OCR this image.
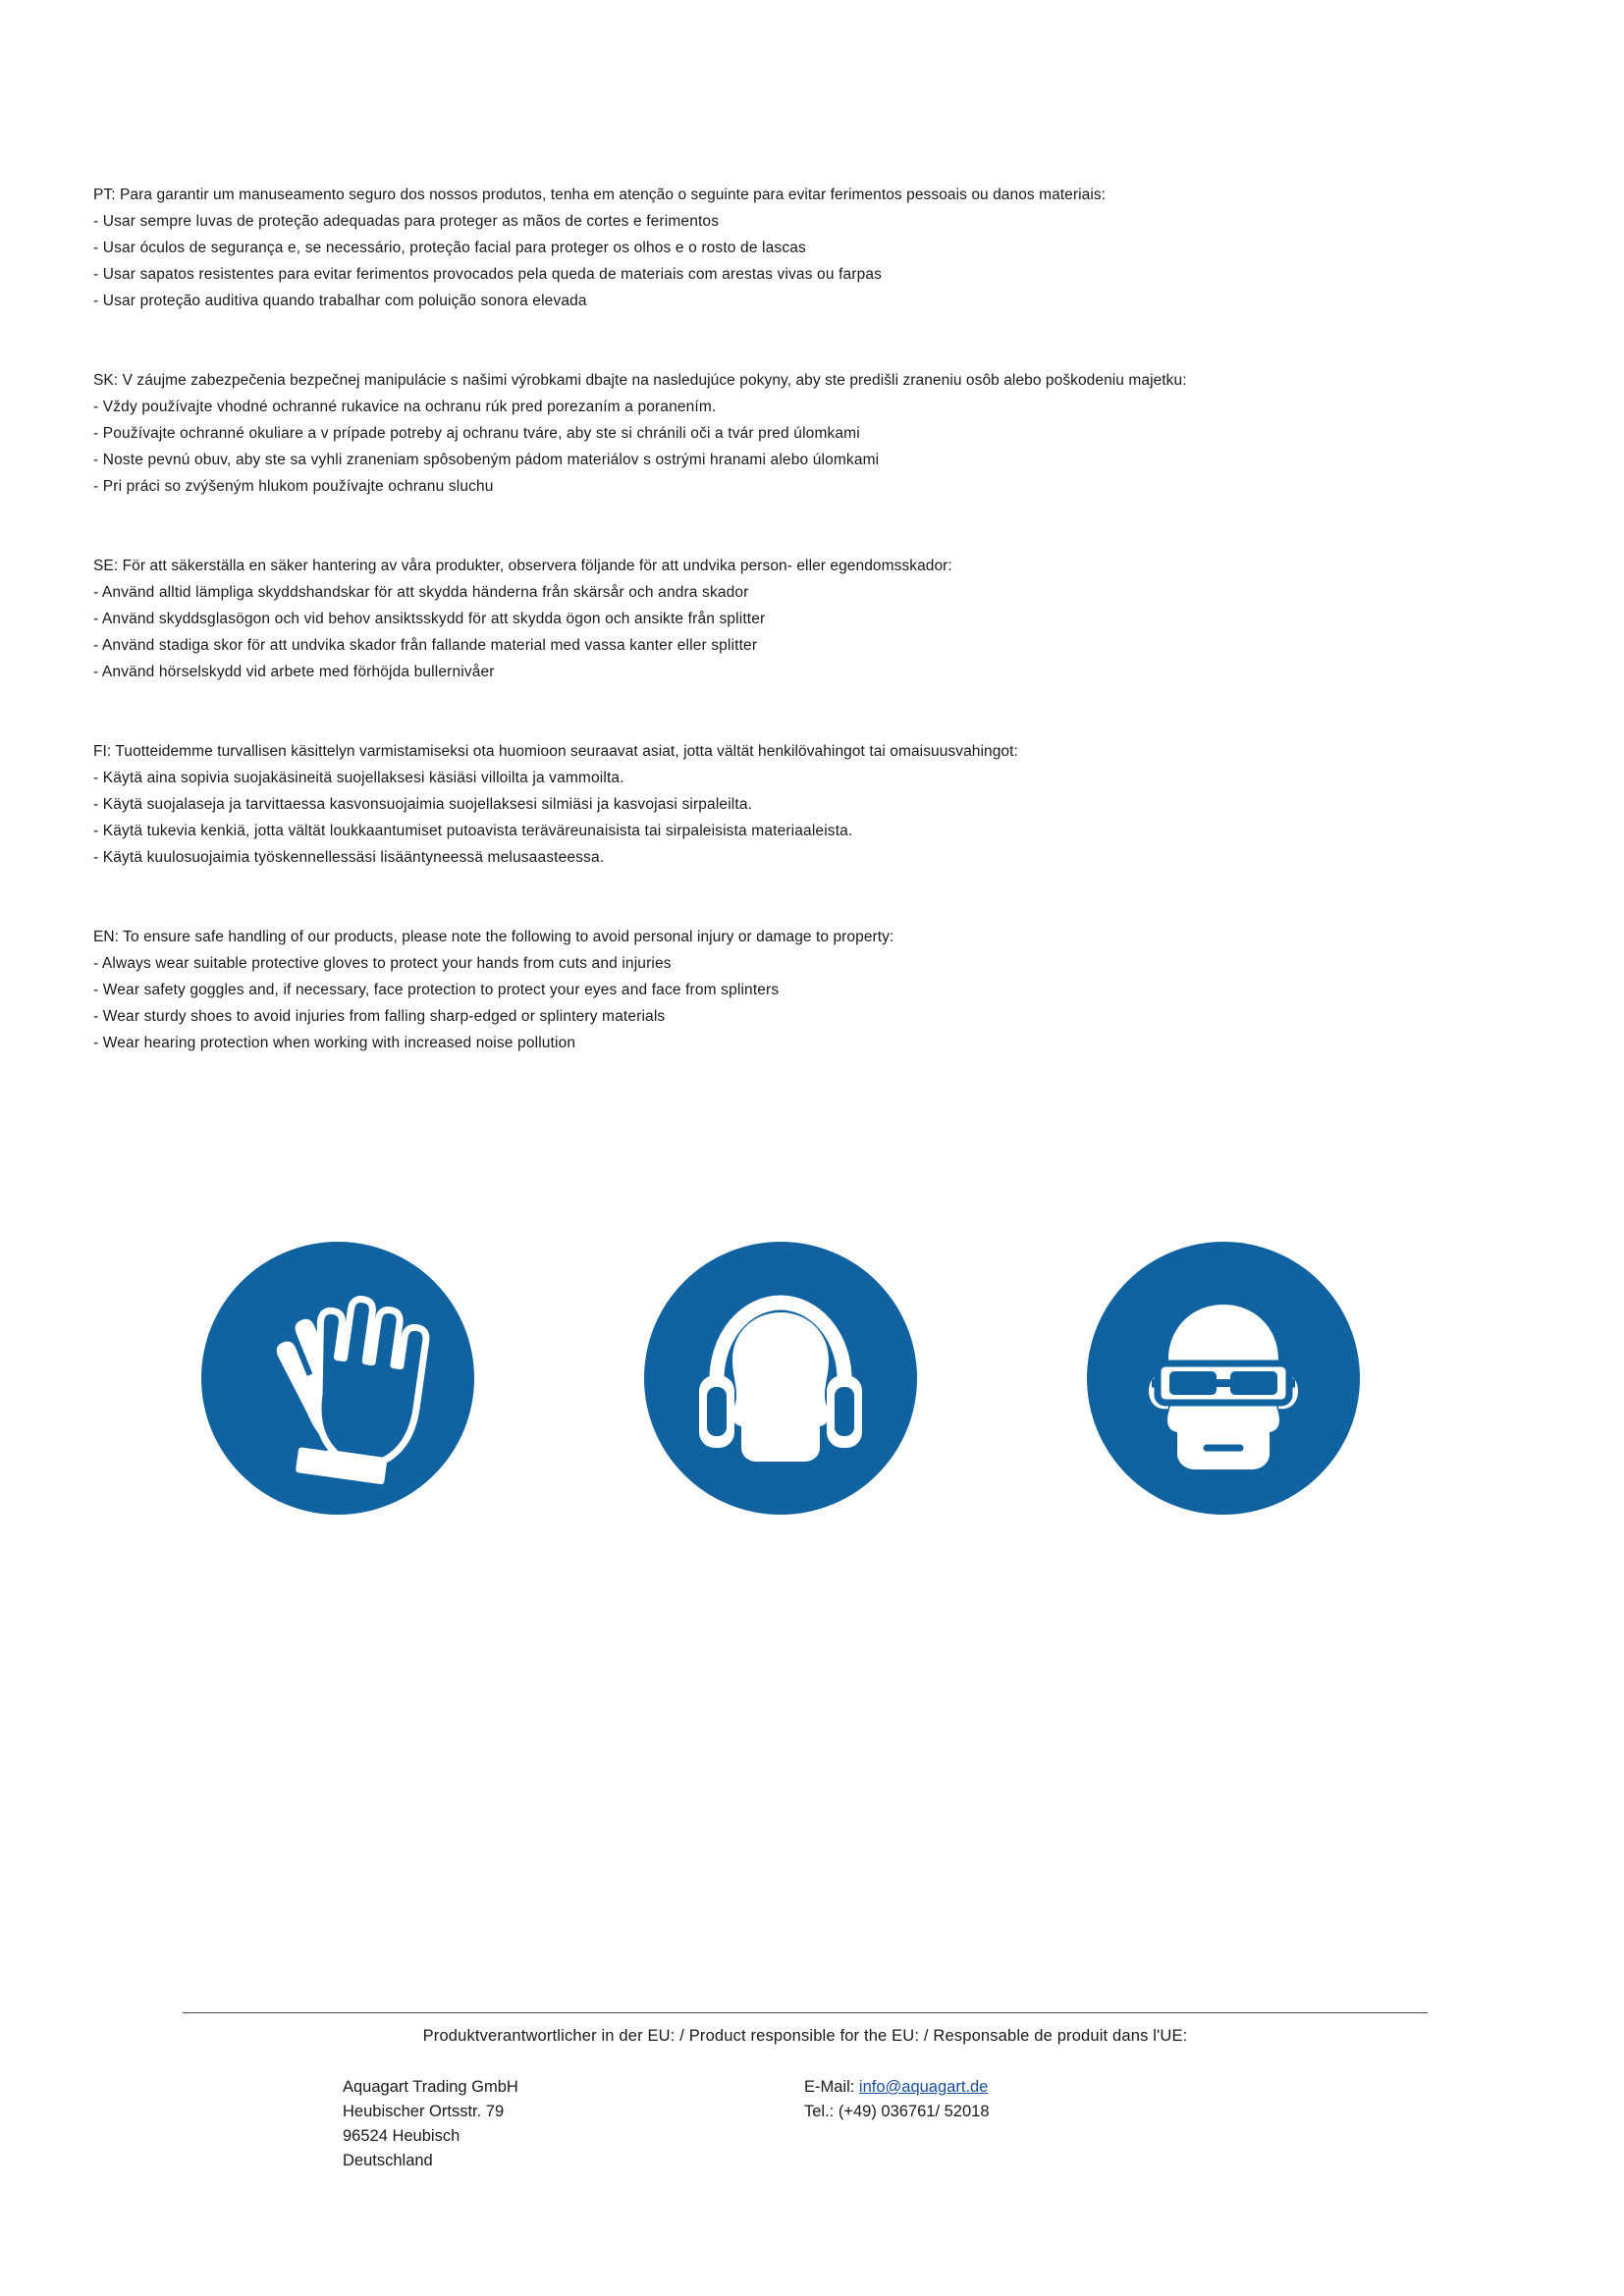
PT: Para garantir um manuseamento seguro dos nossos produtos, tenha em atenção o seguinte para evitar ferimentos pessoais ou danos materiais:
- Usar sempre luvas de proteção adequadas para proteger as mãos de cortes e ferimentos
- Usar óculos de segurança e, se necessário, proteção facial para proteger os olhos e o rosto de lascas
- Usar sapatos resistentes para evitar ferimentos provocados pela queda de materiais com arestas vivas ou farpas
- Usar proteção auditiva quando trabalhar com poluição sonora elevada
SK: V záujme zabezpečenia bezpečnej manipulácie s našimi výrobkami dbajte na nasledujúce pokyny, aby ste predišli zraneniu osôb alebo poškodeniu majetku:
- Vždy používajte vhodné ochranné rukavice na ochranu rúk pred porezaním a poranením.
- Používajte ochranné okuliare a v prípade potreby aj ochranu tváre, aby ste si chránili oči a tvár pred úlomkami
- Noste pevnú obuv, aby ste sa vyhli zraneniam spôsobeným pádom materiálov s ostrými hranami alebo úlomkami
- Pri práci so zvýšeným hlukom používajte ochranu sluchu
SE: För att säkerställa en säker hantering av våra produkter, observera följande för att undvika person- eller egendomsskador:
- Använd alltid lämpliga skyddshandskar för att skydda händerna från skärsår och andra skador
- Använd skyddsglasögon och vid behov ansiktsskydd för att skydda ögon och ansikte från splitter
- Använd stadiga skor för att undvika skador från fallande material med vassa kanter eller splitter
- Använd hörselskydd vid arbete med förhöjda bullernivåer
FI: Tuotteidemme turvallisen käsittelyn varmistamiseksi ota huomioon seuraavat asiat, jotta vältät henkilövahingot tai omaisuusvahingot:
- Käytä aina sopivia suojakäsineitä suojellaksesi käsiäsi villoilta ja vammoilta.
- Käytä suojalaseja ja tarvittaessa kasvonsuojaimia suojellaksesi silmiäsi ja kasvojasi sirpaleilta.
- Käytä tukevia kenkiä, jotta vältät loukkaantumiset putoavista teräväreunaisista tai sirpaleisista materiaaleista.
- Käytä kuulosuojaimia työskennellessäsi lisääntyneessä melusaasteessa.
EN: To ensure safe handling of our products, please note the following to avoid personal injury or damage to property:
- Always wear suitable protective gloves to protect your hands from cuts and injuries
- Wear safety goggles and, if necessary, face protection to protect your eyes and face from splinters
- Wear sturdy shoes to avoid injuries from falling sharp-edged or splintery materials
- Wear hearing protection when working with increased noise pollution
Produktverantwortlicher in der EU: / Product responsible for the EU: / Responsable de produit dans l'UE:
Aquagart Trading GmbH
Heubischer Ortsstr. 79
96524 Heubisch
Deutschland
E-Mail: info@aquagart.de
Tel.: (+49) 036761/ 52018
